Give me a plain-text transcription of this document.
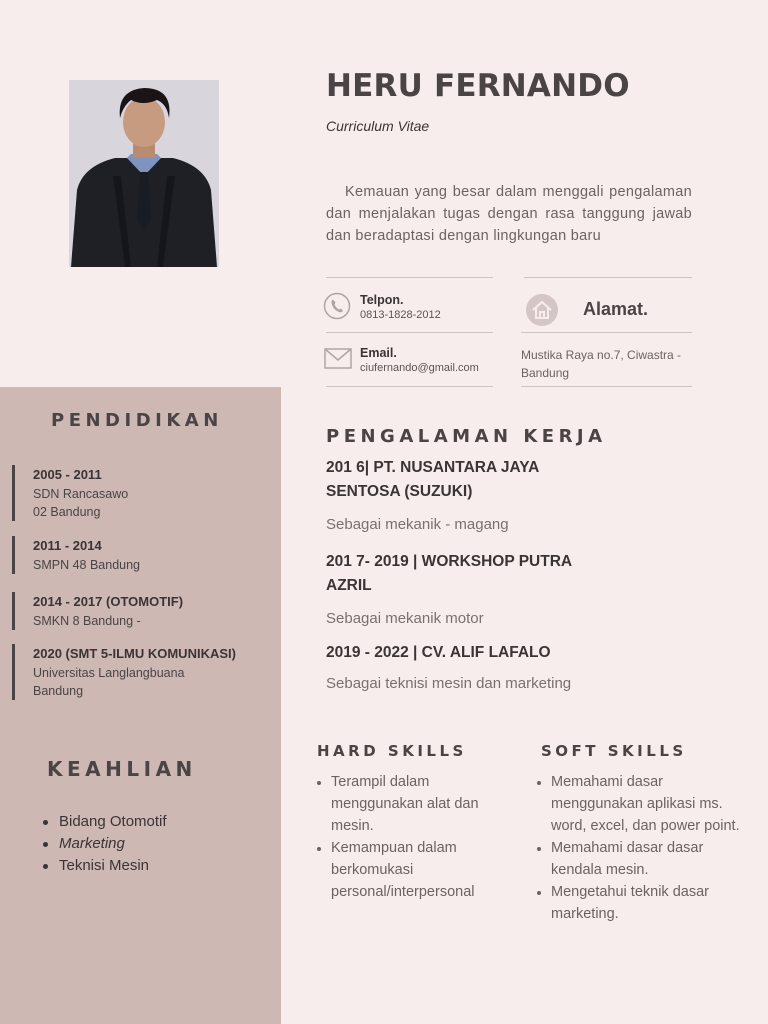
HERU FERNANDO
Curriculum Vitae

Kemauan yang besar dalam menggali pengalaman dan menjalakan tugas dengan rasa tanggung jawab dan beradaptasi dengan lingkungan baru

Telpon.
0813-1828-2012
Email.
ciufernando@gmail.com
Alamat.
Mustika Raya no.7, Ciwastra - Bandung
PENDIDIKAN
2005 - 2011
SDN Rancasawo 02 Bandung
2011 - 2014
SMPN 48 Bandung
2014 - 2017 (OTOMOTIF)
SMKN 8 Bandung -
2020 (SMT 5-ILMU KOMUNIKASI)
Universitas Langlangbuana Bandung
KEAHLIAN
Bidang Otomotif
Marketing
Teknisi Mesin
PENGALAMAN KERJA
201 6| PT. NUSANTARA JAYA SENTOSA (SUZUKI)
Sebagai mekanik - magang
201 7- 2019 | WORKSHOP PUTRA AZRIL
Sebagai mekanik motor
2019 - 2022 | CV. ALIF LAFALO
Sebagai teknisi mesin dan marketing
HARD SKILLS
Terampil dalam menggunakan alat dan mesin.
Kemampuan dalam berkomukasi personal/interpersonal
SOFT SKILLS
Memahami dasar menggunakan aplikasi ms. word, excel, dan power point.
Memahami dasar dasar kendala mesin.
Mengetahui teknik dasar marketing.
